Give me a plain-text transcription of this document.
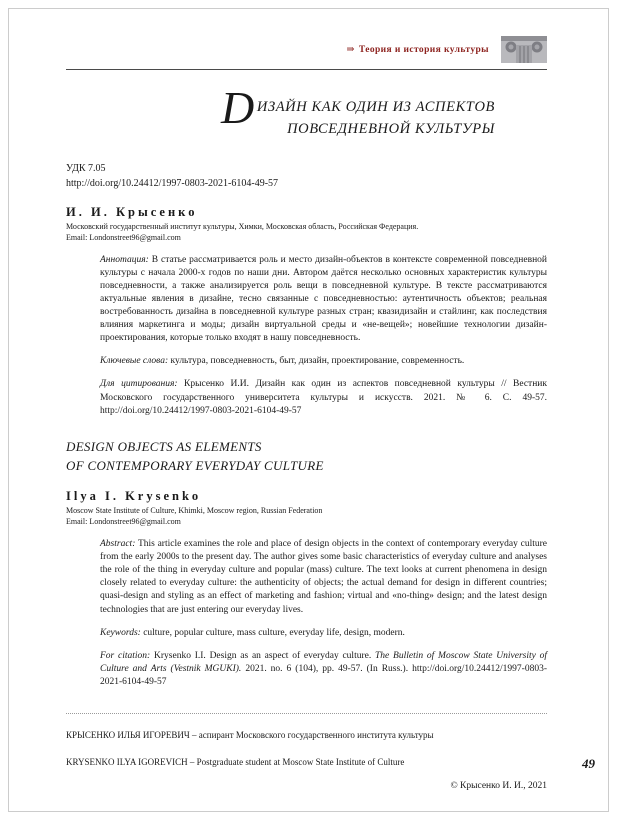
⇒ Теория и история культуры
DИЗАЙН КАК ОДИН ИЗ АСПЕКТОВ
ПОВСЕДНЕВНОЙ КУЛЬТУРЫ
УДК 7.05
http://doi.org/10.24412/1997-0803-2021-6104-49-57

И. И. Крысенко

Московский государственный институт культуры, Химки, Московская область, Российская Федерация.

Email: Londonstreet96@gmail.com

Аннотация: В статье рассматривается роль и место дизайн-объектов в контексте современной повседневной культуры с начала 2000-х годов по наши дни. Автором даётся несколько основных характеристик культуры повседневности, а также анализируется роль вещи в повседневной культуре. В тексте рассматриваются актуальные явления в дизайне, тесно связанные с повседневностью: аутентичность объектов; реальная востребованность дизайна в повседневной культуре разных стран; квазидизайн и стайлинг, как последствия влияния маркетинга и моды; дизайн виртуальной среды и «не-вещей»; новейшие технологии дизайн-проектирования, которые только входят в нашу повседневность.

Ключевые слова: культура, повседневность, быт, дизайн, проектирование, современность.

Для цитирования: Крысенко И.И. Дизайн как один из аспектов повседневной культуры // Вестник Московского государственного университета культуры и искусств. 2021. № 6. С. 49-57. http://doi.org/10.24412/1997-0803-2021-6104-49-57

DESIGN OBJECTS AS ELEMENTS
OF CONTEMPORARY EVERYDAY CULTURE

Ilya I. Krysenko

Moscow State Institute of Culture, Khimki, Moscow region, Russian Federation

Email: Londonstreet96@gmail.com

Abstract: This article examines the role and place of design objects in the context of contemporary everyday culture from the early 2000s to the present day. The author gives some basic characteristics of everyday culture and analyses the role of the thing in everyday culture and popular (mass) culture. The text looks at current phenomena in design closely related to everyday culture: the authenticity of objects; the actual demand for design in different countries; quasi-design and styling as an effect of marketing and fashion; virtual and «no-thing» design; and the latest design technologies that are just entering our everyday lives.

Keywords: culture, popular culture, mass culture, everyday life, design, modern.

For citation: Krysenko I.I. Design as an aspect of everyday culture. The Bulletin of Moscow State University of Culture and Arts (Vestnik MGUKI). 2021. no. 6 (104), pp. 49-57. (In Russ.). http://doi.org/10.24412/1997-0803-2021-6104-49-57

КРЫСЕНКО ИЛЬЯ ИГОРЕВИЧ – аспирант Московского государственного института культуры

KRYSENKO ILYA IGOREVICH – Postgraduate student at Moscow State Institute of Culture

© Крысенко И. И., 2021
49
